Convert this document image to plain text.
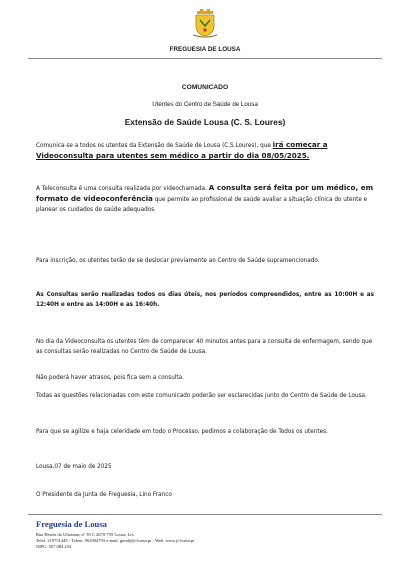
FREGUESIA DE LOUSA
COMUNICADO
Utentes do Centro de Saúde de Lousa
Extensão de Saúde Lousa (C. S. Loures)
Comunica-se a todos os utentes da Extensão de Saúde de Lousa (C.S.Loures), que irá começar a Videoconsulta para utentes sem médico a partir do dia 08/05/2025.
A Teleconsulta é uma consulta realizada por videochamada. A consulta será feita por um médico, em formato de videoconferência que permite ao profissional de saúde avaliar a situação clínica do utente e planear os cuidados de saúde adequados.
Para inscrição, os utentes terão de se deslocar previamente ao Centro de Saúde supramencionado.
As Consultas serão realizadas todos os dias úteis, nos períodos compreendidos, entre as 10:00H e as 12:40H e entre as 14:00H e as 16:40h.
No dia da Videoconsulta os utentes têm de comparecer 40 minutos antes para a consulta de enfermagem, sendo que as consultas serão realizadas no Centro de Saúde de Lousa.
Não poderá haver atrasos, pois fica sem a consulta.
Todas as questões relacionadas com este comunicado poderão ser esclarecidas junto do Centro de Saúde de Lousa.
Para que se agilize e haja celeridade em todo o Processo, pedimos a colaboração de Todos os utentes.
Lousa,07 de maio de 2025
O Presidente da Junta de Freguesia, Lino Franco
Freguesia de Lousa
Rua Heróis do Ultramar, nº 39 C 2670-759 Lousa, Lrs
Telef. 219751445 - Telem. 962904793 e-mail. geral@jf-lousa.pt - Web. www.jf-lousa.pt
NIPC: 507 084 233
